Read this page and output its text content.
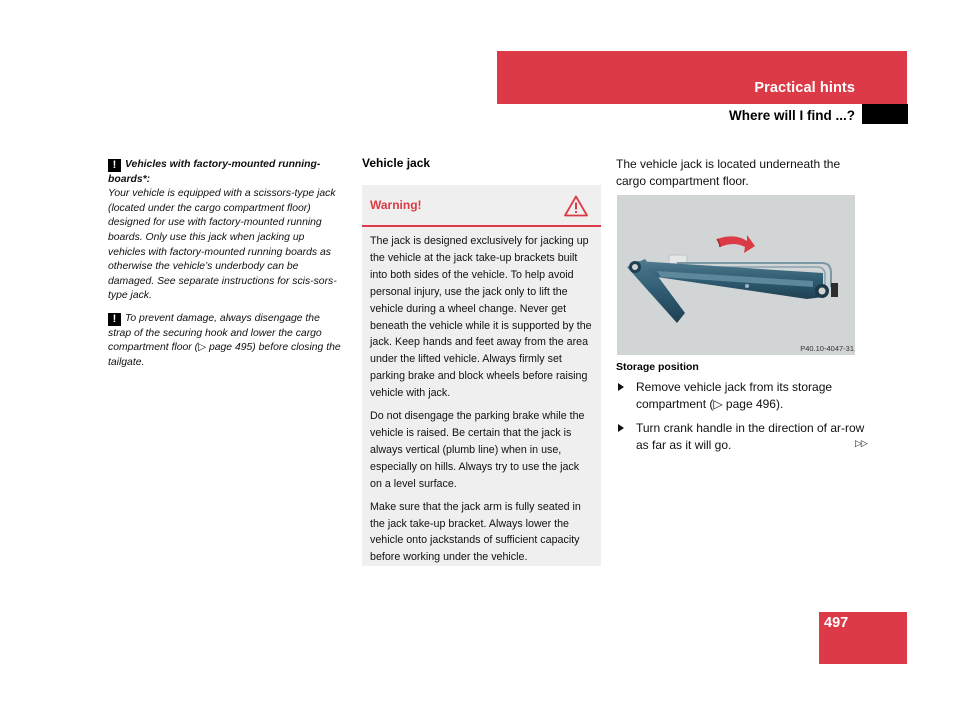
Practical hints
Where will I find ...?

! Vehicles with factory-mounted running-boards*:
Your vehicle is equipped with a scissors-type jack (located under the cargo compartment floor) designed for use with factory-mounted running boards. Only use this jack when jacking up vehicles with factory-mounted running boards as otherwise the vehicle’s underbody can be damaged. See separate instructions for scis-sors-type jack.

! To prevent damage, always disengage the strap of the securing hook and lower the cargo compartment floor (▷ page 495) before closing the tailgate.

Vehicle jack
Warning!

The jack is designed exclusively for jacking up the vehicle at the jack take-up brackets built into both sides of the vehicle. To help avoid personal injury, use the jack only to lift the vehicle during a wheel change. Never get beneath the vehicle while it is supported by the jack. Keep hands and feet away from the area under the lifted vehicle. Always firmly set parking brake and block wheels before raising vehicle with jack.

Do not disengage the parking brake while the vehicle is raised. Be certain that the jack is always vertical (plumb line) when in use, especially on hills. Always try to use the jack on a level surface.

Make sure that the jack arm is fully seated in the jack take-up bracket. Always lower the vehicle onto jackstands of sufficient capacity before working under the vehicle.

The vehicle jack is located underneath the cargo compartment floor.
P40.10-4047-31
Storage position
Remove vehicle jack from its storage compartment (▷ page 496).
Turn crank handle in the direction of ar-row as far as it will go.	▷▷
497
